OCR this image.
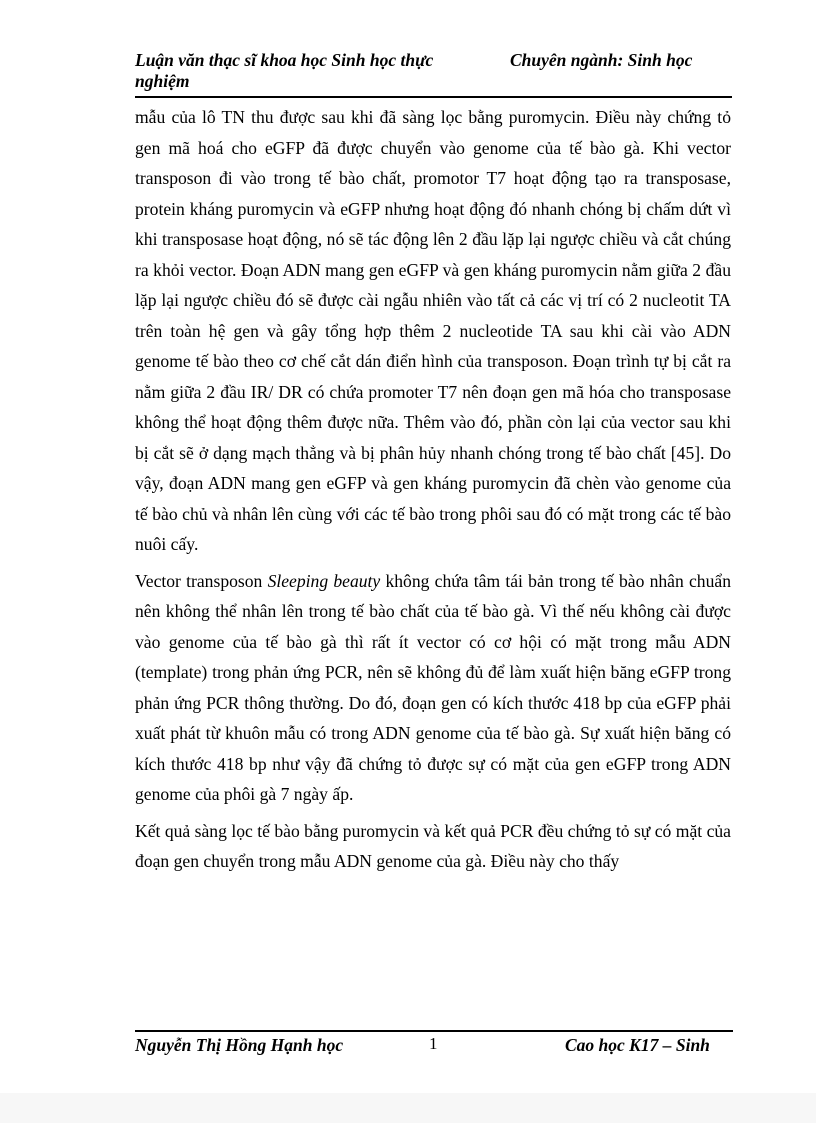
Luận văn thạc sĩ khoa học Sinh học thực nghiệm
Chuyên ngành: Sinh học

mẫu của lô TN thu được sau khi đã sàng lọc bằng puromycin. Điều này chứng tỏ gen mã hoá cho eGFP đã được chuyển vào genome của tế bào gà. Khi vector transposon đi vào trong tế bào chất, promotor T7 hoạt động tạo ra transposase, protein kháng puromycin và eGFP nhưng hoạt động đó nhanh chóng bị chấm dứt vì khi transposase hoạt động, nó sẽ tác động lên 2 đầu lặp lại ngược chiều và cắt chúng ra khỏi vector. Đoạn ADN mang gen eGFP và gen kháng puromycin nằm giữa 2 đầu lặp lại ngược chiều đó sẽ được cài ngẫu nhiên vào tất cả các vị trí có 2 nucleotit TA trên toàn hệ gen và gây tổng hợp thêm 2 nucleotide TA sau khi cài vào ADN genome tế bào theo cơ chế cắt dán điển hình của transposon. Đoạn trình tự bị cắt ra nằm giữa 2 đầu IR/ DR có chứa promoter T7 nên đoạn gen mã hóa cho transposase không thể hoạt động thêm được nữa. Thêm vào đó, phần còn lại của vector sau khi bị cắt sẽ ở dạng mạch thẳng và bị phân hủy nhanh chóng trong tế bào chất [45]. Do vậy, đoạn ADN mang gen eGFP và gen kháng puromycin đã chèn vào genome của tế bào chủ và nhân lên cùng với các tế bào trong phôi sau đó có mặt trong các tế bào nuôi cấy.

Vector transposon Sleeping beauty không chứa tâm tái bản trong tế bào nhân chuẩn nên không thể nhân lên trong tế bào chất của tế bào gà. Vì thế nếu không cài được vào genome của tế bào gà thì rất ít vector có cơ hội có mặt trong mẫu ADN (template) trong phản ứng PCR, nên sẽ không đủ để làm xuất hiện băng eGFP trong phản ứng PCR thông thường. Do đó, đoạn gen có kích thước 418 bp của eGFP phải xuất phát từ khuôn mẫu có trong ADN genome của tế bào gà. Sự xuất hiện băng có kích thước 418 bp như vậy đã chứng tỏ được sự có mặt của gen eGFP trong ADN genome của phôi gà 7 ngày ấp.

Kết quả sàng lọc tế bào bằng puromycin và kết quả PCR đều chứng tỏ sự có mặt của đoạn gen chuyển trong mẫu ADN genome của gà. Điều này cho thấy

Nguyễn Thị Hồng Hạnh học	1	Cao học K17 – Sinh
